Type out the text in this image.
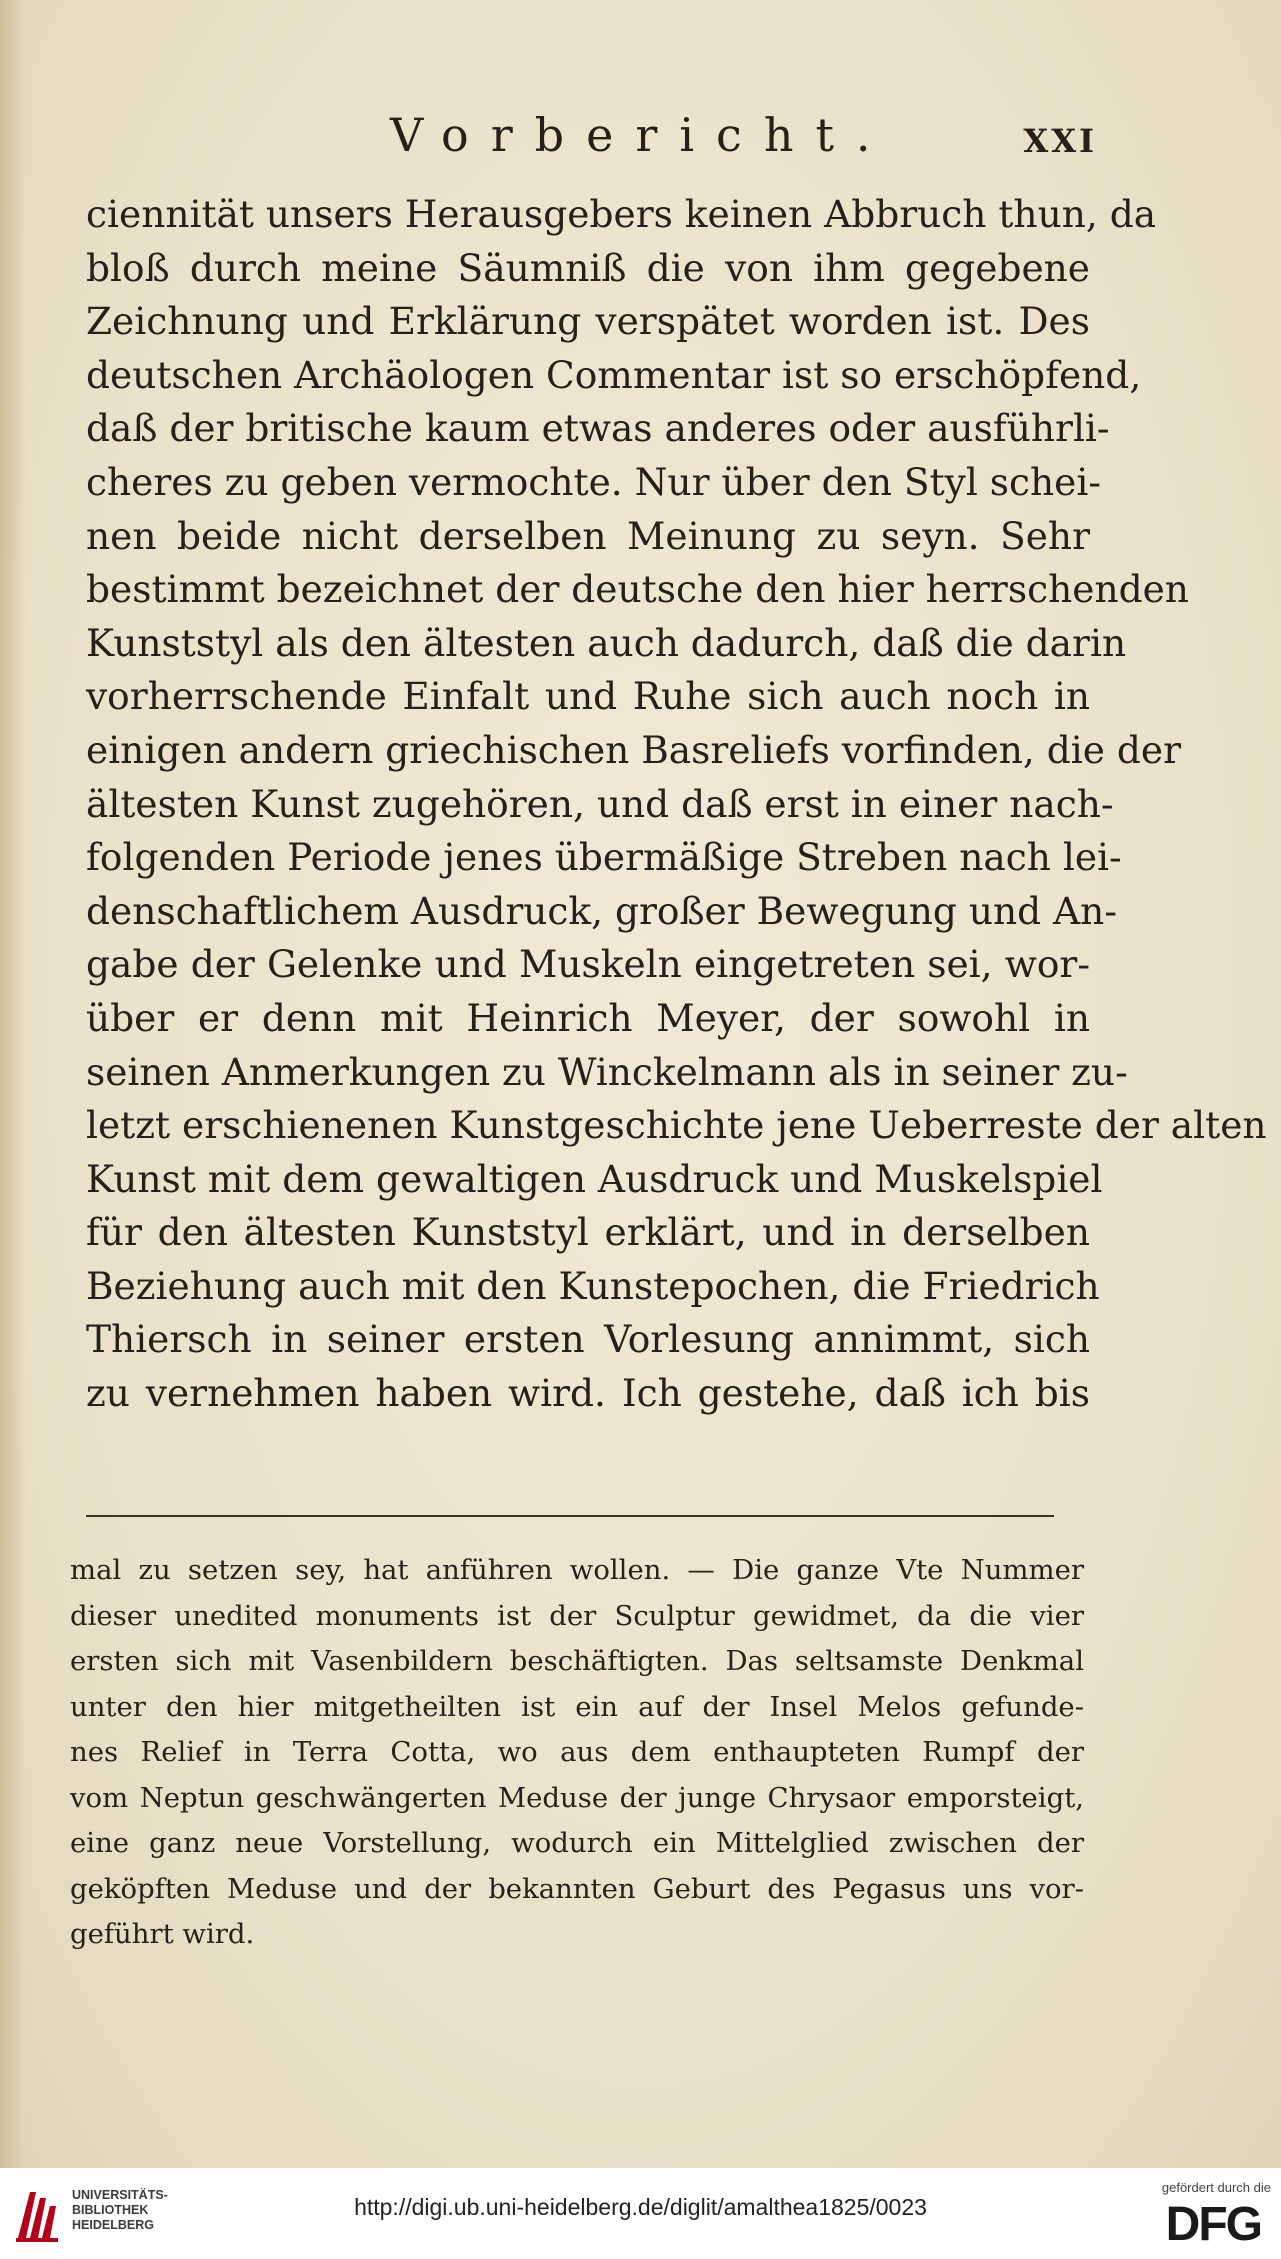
Vorbericht.	XXI
ciennität unsers Herausgebers keinen Abbruch thun, da
bloß durch meine Säumniß die von ihm gegebene
Zeichnung und Erklärung verspätet worden ist. Des
deutschen Archäologen Commentar ist so erschöpfend,
daß der britische kaum etwas anderes oder ausführli-
cheres zu geben vermochte. Nur über den Styl schei-
nen beide nicht derselben Meinung zu seyn. Sehr
bestimmt bezeichnet der deutsche den hier herrschenden
Kunststyl als den ältesten auch dadurch, daß die darin
vorherrschende Einfalt und Ruhe sich auch noch in
einigen andern griechischen Basreliefs vorfinden, die der
ältesten Kunst zugehören, und daß erst in einer nach-
folgenden Periode jenes übermäßige Streben nach lei-
denschaftlichem Ausdruck, großer Bewegung und An-
gabe der Gelenke und Muskeln eingetreten sei, wor-
über er denn mit Heinrich Meyer, der sowohl in
seinen Anmerkungen zu Winckelmann als in seiner zu-
letzt erschienenen Kunstgeschichte jene Ueberreste der alten
Kunst mit dem gewaltigen Ausdruck und Muskelspiel
für den ältesten Kunststyl erklärt, und in derselben
Beziehung auch mit den Kunstepochen, die Friedrich
Thiersch in seiner ersten Vorlesung annimmt, sich
zu vernehmen haben wird. Ich gestehe, daß ich bis
mal zu setzen sey, hat anführen wollen. — Die ganze Vte Nummer
dieser unedited monuments ist der Sculptur gewidmet, da die vier
ersten sich mit Vasenbildern beschäftigten. Das seltsamste Denkmal
unter den hier mitgetheilten ist ein auf der Insel Melos gefunde-
nes Relief in Terra Cotta, wo aus dem enthaupteten Rumpf der
vom Neptun geschwängerten Meduse der junge Chrysaor emporsteigt,
eine ganz neue Vorstellung, wodurch ein Mittelglied zwischen der
geköpften Meduse und der bekannten Geburt des Pegasus uns vor-
geführt wird.
UNIVERSITÄTS-
BIBLIOTHEK
HEIDELBERG
http://digi.ub.uni-heidelberg.de/diglit/amalthea1825/0023
gefördert durch die
DFG
